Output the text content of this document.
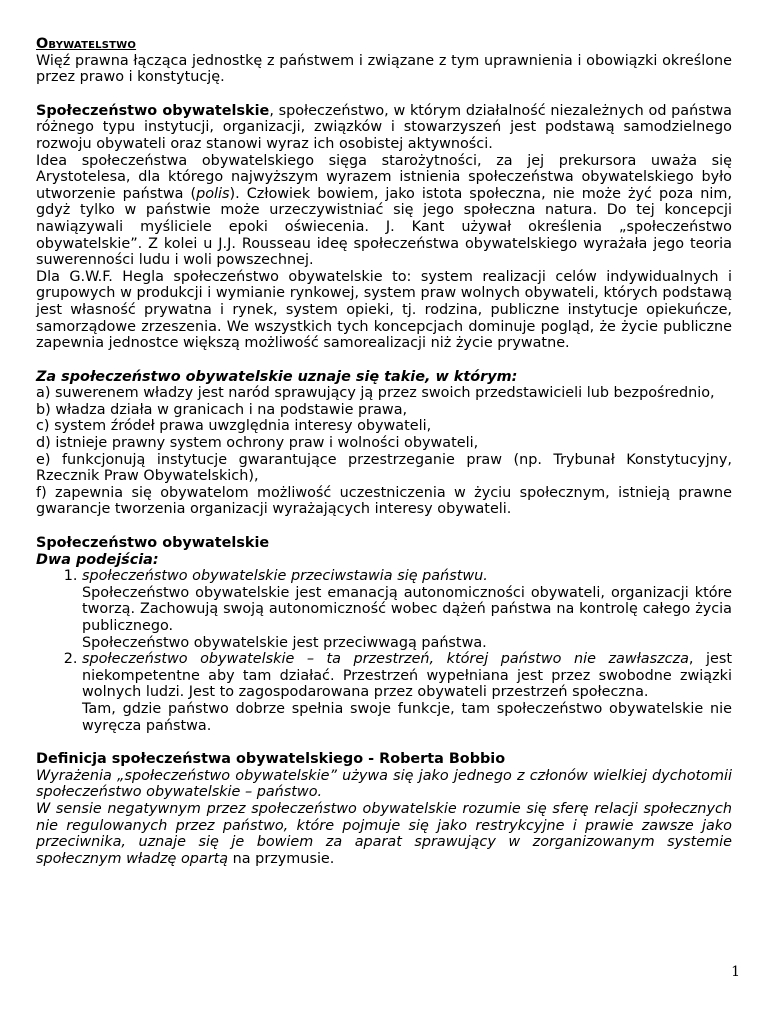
Obywatelstwo

Więź prawna łącząca jednostkę z państwem i związane z tym uprawnienia i obowiązki określone przez prawo i konstytucję.

Społeczeństwo obywatelskie, społeczeństwo, w którym działalność niezależnych od państwa różnego typu instytucji, organizacji, związków i stowarzyszeń jest podstawą samodzielnego rozwoju obywateli oraz stanowi wyraz ich osobistej aktywności.

Idea społeczeństwa obywatelskiego sięga starożytności, za jej prekursora uważa się Arystotelesa, dla którego najwyższym wyrazem istnienia społeczeństwa obywatelskiego było utworzenie państwa (polis). Człowiek bowiem, jako istota społeczna, nie może żyć poza nim, gdyż tylko w państwie może urzeczywistniać się jego społeczna natura. Do tej koncepcji nawiązywali myśliciele epoki oświecenia. J. Kant używał określenia „społeczeństwo obywatelskie”. Z kolei u J.J. Rousseau ideę społeczeństwa obywatelskiego wyrażała jego teoria suwerenności ludu i woli powszechnej.

Dla G.W.F. Hegla społeczeństwo obywatelskie to: system realizacji celów indywidualnych i grupowych w produkcji i wymianie rynkowej, system praw wolnych obywateli, których podstawą jest własność prywatna i rynek, system opieki, tj. rodzina, publiczne instytucje opiekuńcze, samorządowe zrzeszenia. We wszystkich tych koncepcjach dominuje pogląd, że życie publiczne zapewnia jednostce większą możliwość samorealizacji niż życie prywatne.

Za społeczeństwo obywatelskie uznaje się takie, w którym:

a) suwerenem władzy jest naród sprawujący ją przez swoich przedstawicieli lub bezpośrednio,

b) władza działa w granicach i na podstawie prawa,

c) system źródeł prawa uwzględnia interesy obywateli,

d) istnieje prawny system ochrony praw i wolności obywateli,

e) funkcjonują instytucje gwarantujące przestrzeganie praw (np. Trybunał Konstytucyjny, Rzecznik Praw Obywatelskich),

f) zapewnia się obywatelom możliwość uczestniczenia w życiu społecznym, istnieją prawne gwarancje tworzenia organizacji wyrażających interesy obywateli.

Społeczeństwo obywatelskie

Dwa podejścia:

1. społeczeństwo obywatelskie przeciwstawia się państwu.

Społeczeństwo obywatelskie jest emanacją autonomiczności obywateli, organizacji które tworzą. Zachowują swoją autonomiczność wobec dążeń państwa na kontrolę całego życia publicznego.

Społeczeństwo obywatelskie jest przeciwwagą państwa.

2. społeczeństwo obywatelskie – ta przestrzeń, której państwo nie zawłaszcza, jest niekompetentne aby tam działać. Przestrzeń wypełniana jest przez swobodne związki wolnych ludzi. Jest to zagospodarowana przez obywateli przestrzeń społeczna.

Tam, gdzie państwo dobrze spełnia swoje funkcje, tam społeczeństwo obywatelskie nie wyręcza państwa.

Definicja społeczeństwa obywatelskiego - Roberta Bobbio

Wyrażenia „społeczeństwo obywatelskie” używa się jako jednego z członów wielkiej dychotomii społeczeństwo obywatelskie – państwo.

W sensie negatywnym przez społeczeństwo obywatelskie rozumie się sferę relacji społecznych nie regulowanych przez państwo, które pojmuje się jako restrykcyjne i prawie zawsze jako przeciwnika, uznaje się je bowiem za aparat sprawujący w zorganizowanym systemie społecznym władzę opartą na przymusie.

1
